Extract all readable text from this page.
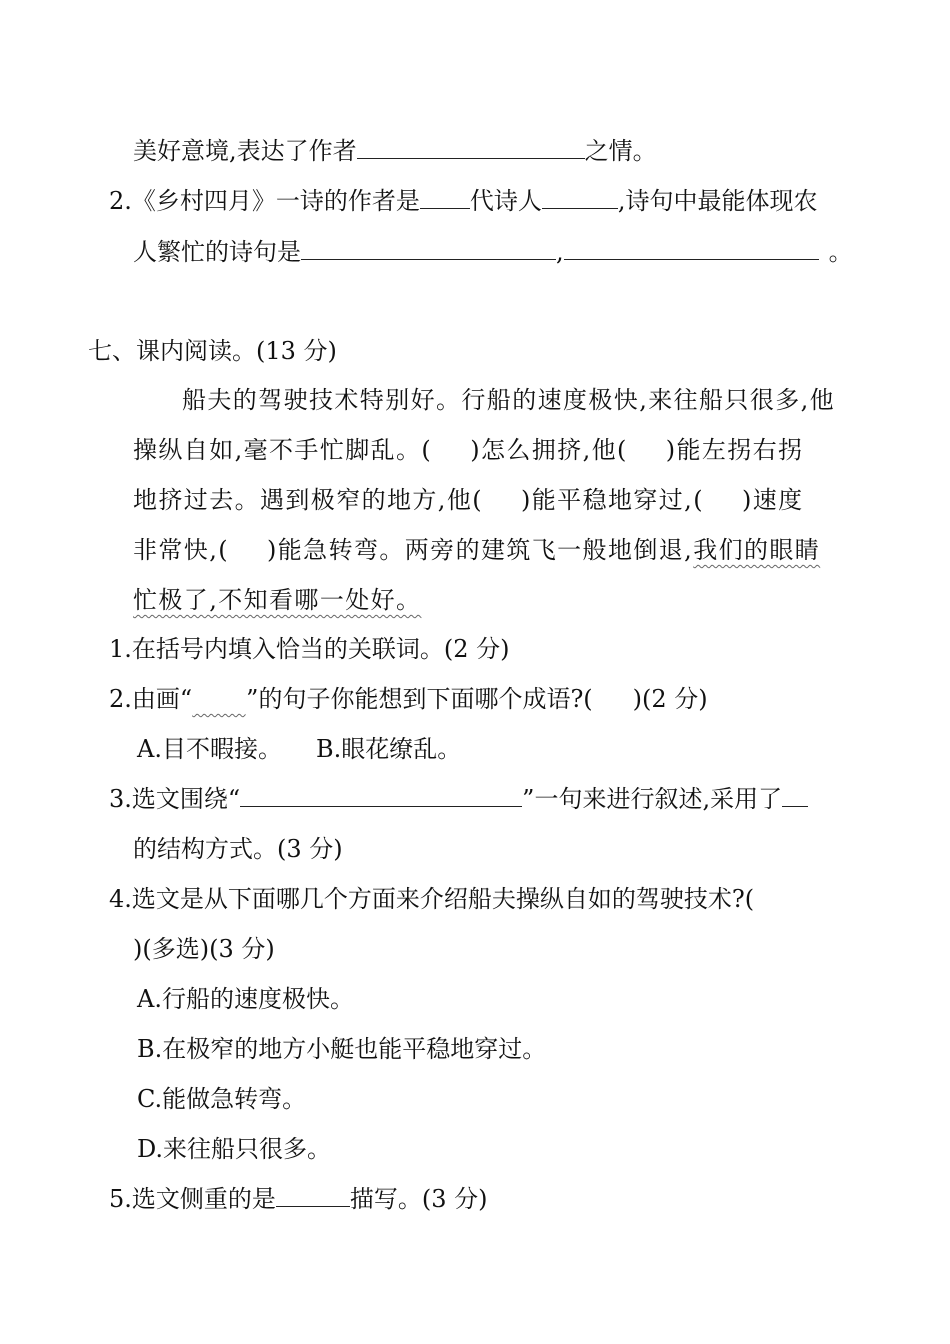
美好意境,表达了作者	之情。
2.《乡村四月》一诗的作者是 代诗人	,诗句中最能体现农
人繁忙的诗句是	,	。
七、课内阅读。(13 分)
船夫的驾驶技术特别好。行船的速度极快,来往船只很多,他
操纵自如,毫不手忙脚乱。( )怎么拥挤,他( )能左拐右拐
地挤过去。遇到极窄的地方,他( )能平稳地穿过,( )速度
非常快,( )能急转弯。两旁的建筑飞一般地倒退,我们的眼睛
忙极了,不知看哪一处好。
1.在括号内填入恰当的关联词。(2 分)
2.由画“​       ”的句子你能想到下面哪个成语?( )(2 分)
A.目不暇接。 B.眼花缭乱。
3.选文围绕“	”一句来进行叙述,采用了
的结构方式。(3 分)
4.选文是从下面哪几个方面来介绍船夫操纵自如的驾驶技术?(
)(多选)(3 分)
A.行船的速度极快。
B.在极窄的地方小艇也能平稳地穿过。
C.能做急转弯。
D.来往船只很多。
5.选文侧重的是	描写。(3 分)
